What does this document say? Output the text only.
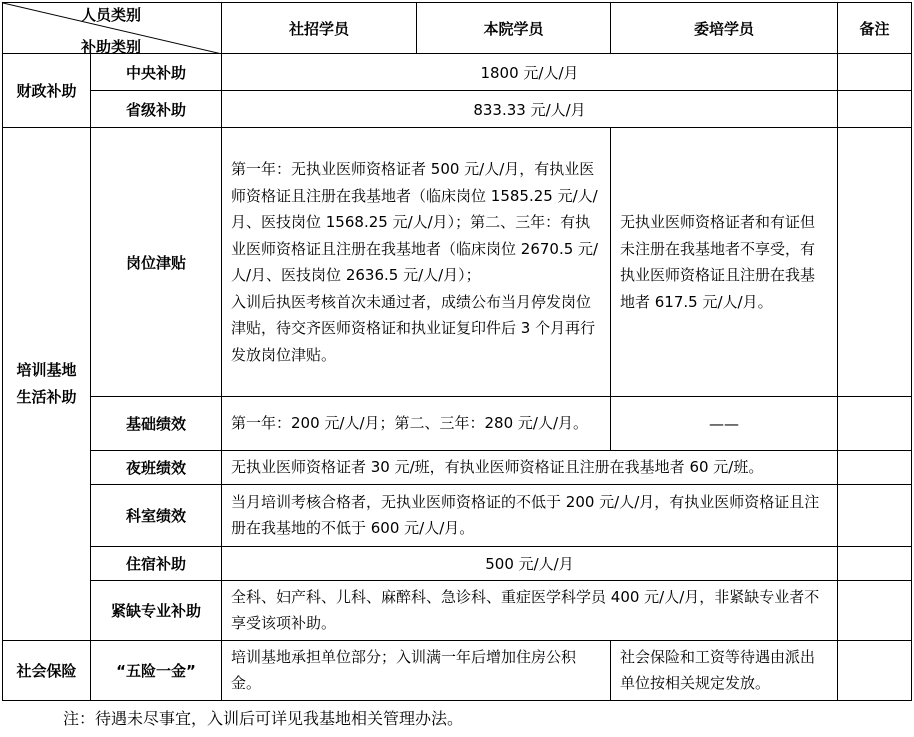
人员类别
补助类别		社招学员	本院学员	委培学员	备注
财政补助	中央补助	1800 元/人/月			
	省级补助	833.33 元/人/月			
培训基地
生活补助	岗位津贴	第一年：无执业医师资格证者 500 元/人/月，有执业医师资格证且注册在我基地者（临床岗位 1585.25 元/人/月、医技岗位 1568.25 元/人/月）；第二、三年：有执业医师资格证且注册在我基地者（临床岗位 2670.5 元/人/月、医技岗位 2636.5 元/人/月）；
入训后执医考核首次未通过者，成绩公布当月停发岗位津贴，待交齐医师资格证和执业证复印件后 3 个月再行发放岗位津贴。		无执业医师资格证者和有证但未注册在我基地者不享受，有执业医师资格证且注册在我基地者 617.5 元/人/月。	
	基础绩效	第一年：200 元/人/月；第二、三年：280 元/人/月。		——	
	夜班绩效	无执业医师资格证者 30 元/班，有执业医师资格证且注册在我基地者 60 元/班。			
	科室绩效	当月培训考核合格者，无执业医师资格证的不低于 200 元/人/月，有执业医师资格证且注册在我基地的不低于 600 元/人/月。			
	住宿补助	500 元/人/月			
	紧缺专业补助	全科、妇产科、儿科、麻醉科、急诊科、重症医学科学员 400 元/人/月，非紧缺专业者不享受该项补助。			
社会保险	“五险一金”	培训基地承担单位部分；入训满一年后增加住房公积金。		社会保险和工资等待遇由派出单位按相关规定发放。	
注：待遇未尽事宜，入训后可详见我基地相关管理办法。
